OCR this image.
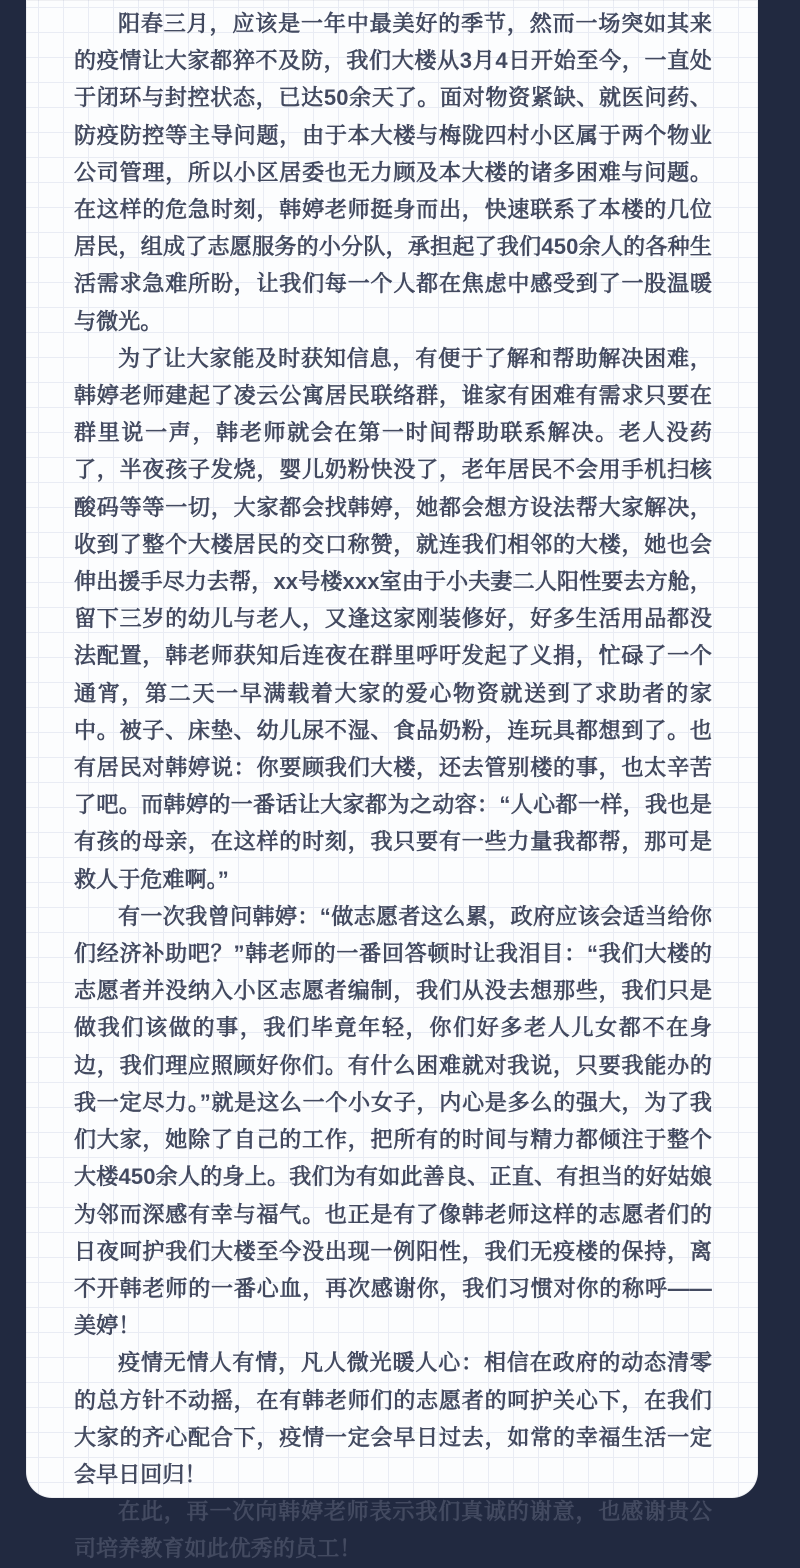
阳春三月，应该是一年中最美好的季节，然而一场突如其来的疫情让大家都猝不及防，我们大楼从3月4日开始至今，一直处于闭环与封控状态，已达50余天了。面对物资紧缺、就医问药、防疫防控等主导问题，由于本大楼与梅陇四村小区属于两个物业公司管理，所以小区居委也无力顾及本大楼的诸多困难与问题。在这样的危急时刻，韩婷老师挺身而出，快速联系了本楼的几位居民，组成了志愿服务的小分队，承担起了我们450余人的各种生活需求急难所盼，让我们每一个人都在焦虑中感受到了一股温暖与微光。

为了让大家能及时获知信息，有便于了解和帮助解决困难，韩婷老师建起了凌云公寓居民联络群，谁家有困难有需求只要在群里说一声，韩老师就会在第一时间帮助联系解决。老人没药了，半夜孩子发烧，婴儿奶粉快没了，老年居民不会用手机扫核酸码等等一切，大家都会找韩婷，她都会想方设法帮大家解决，收到了整个大楼居民的交口称赞，就连我们相邻的大楼，她也会伸出援手尽力去帮，xx号楼xxx室由于小夫妻二人阳性要去方舱，留下三岁的幼儿与老人，又逢这家刚装修好，好多生活用品都没法配置，韩老师获知后连夜在群里呼吁发起了义捐，忙碌了一个通宵，第二天一早满载着大家的爱心物资就送到了求助者的家中。被子、床垫、幼儿尿不湿、食品奶粉，连玩具都想到了。也有居民对韩婷说：你要顾我们大楼，还去管别楼的事，也太辛苦了吧。而韩婷的一番话让大家都为之动容：“人心都一样，我也是有孩的母亲，在这样的时刻，我只要有一些力量我都帮，那可是救人于危难啊。”

有一次我曾问韩婷：“做志愿者这么累，政府应该会适当给你们经济补助吧？”韩老师的一番回答顿时让我泪目：“我们大楼的志愿者并没纳入小区志愿者编制，我们从没去想那些，我们只是做我们该做的事，我们毕竟年轻，你们好多老人儿女都不在身边，我们理应照顾好你们。有什么困难就对我说，只要我能办的我一定尽力。”就是这么一个小女子，内心是多么的强大，为了我们大家，她除了自己的工作，把所有的时间与精力都倾注于整个大楼450余人的身上。我们为有如此善良、正直、有担当的好姑娘为邻而深感有幸与福气。也正是有了像韩老师这样的志愿者们的日夜呵护我们大楼至今没出现一例阳性，我们无疫楼的保持，离不开韩老师的一番心血，再次感谢你，我们习惯对你的称呼——美婷！

疫情无情人有情，凡人微光暖人心：相信在政府的动态清零的总方针不动摇，在有韩老师们的志愿者的呵护关心下，在我们大家的齐心配合下，疫情一定会早日过去，如常的幸福生活一定会早日回归！

在此，再一次向韩婷老师表示我们真诚的谢意，也感谢贵公司培养教育如此优秀的员工！
